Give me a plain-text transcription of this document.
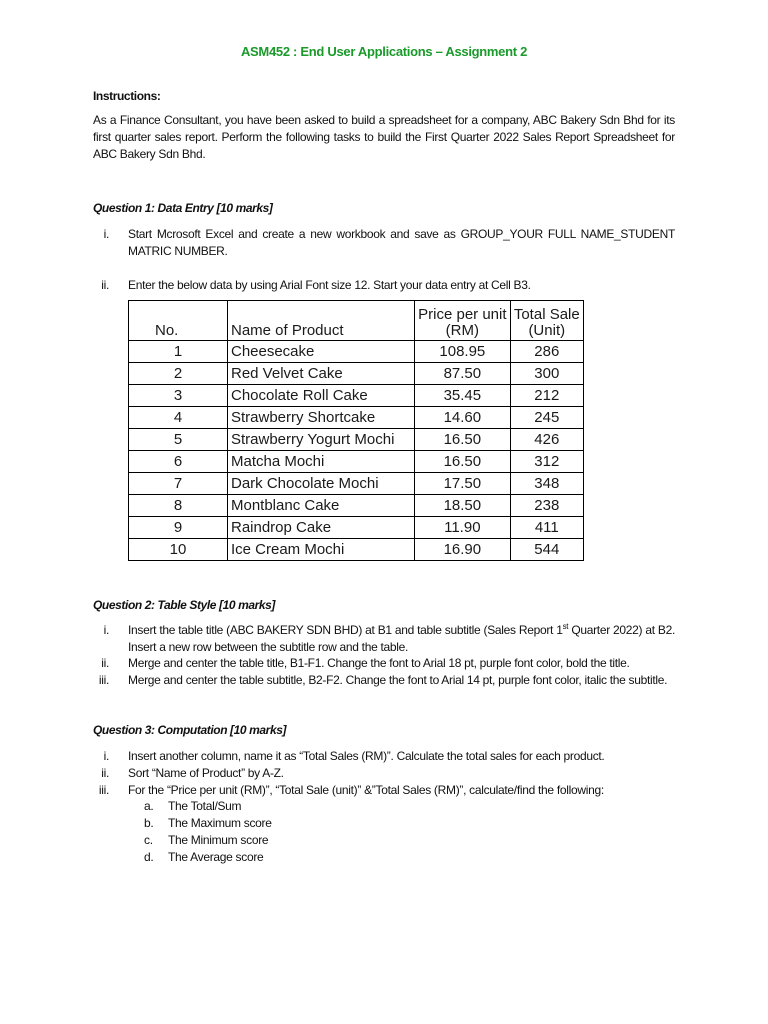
ASM452 : End User Applications – Assignment 2
Instructions:
As a Finance Consultant, you have been asked to build a spreadsheet for a company, ABC Bakery Sdn Bhd for its first quarter sales report. Perform the following tasks to build the First Quarter 2022 Sales Report Spreadsheet for ABC Bakery Sdn Bhd.
Question 1: Data Entry [10 marks]
i. Start Mcrosoft Excel and create a new workbook and save as GROUP_YOUR FULL NAME_STUDENT MATRIC NUMBER.
ii. Enter the below data by using Arial Font size 12. Start your data entry at Cell B3.
No.	Name of Product	Price per unit (RM)	Total Sale (Unit)
1	Cheesecake	108.95	286
2	Red Velvet Cake	87.50	300
3	Chocolate Roll Cake	35.45	212
4	Strawberry Shortcake	14.60	245
5	Strawberry Yogurt Mochi	16.50	426
6	Matcha Mochi	16.50	312
7	Dark Chocolate Mochi	17.50	348
8	Montblanc Cake	18.50	238
9	Raindrop Cake	11.90	411
10	Ice Cream Mochi	16.90	544
Question 2: Table Style [10 marks]
i. Insert the table title (ABC BAKERY SDN BHD) at B1 and table subtitle (Sales Report 1st Quarter 2022) at B2. Insert a new row between the subtitle row and the table.
ii. Merge and center the table title, B1-F1. Change the font to Arial 18 pt, purple font color, bold the title.
iii. Merge and center the table subtitle, B2-F2. Change the font to Arial 14 pt, purple font color, italic the subtitle.
Question 3: Computation [10 marks]
i. Insert another column, name it as “Total Sales (RM)”. Calculate the total sales for each product.
ii. Sort “Name of Product” by A-Z.
iii. For the “Price per unit (RM)”, “Total Sale (unit)” &”Total Sales (RM)”, calculate/find the following:
a. The Total/Sum
b. The Maximum score
c. The Minimum score
d. The Average score
